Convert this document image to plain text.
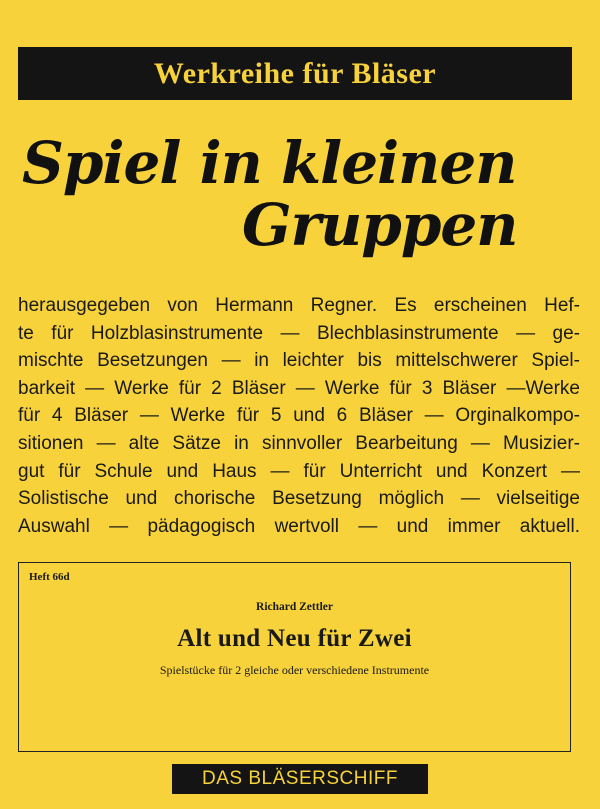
Werkreihe für Bläser
Spiel in kleinen
Gruppen
herausgegeben von Hermann Regner. Es erscheinen Hef-
te für Holzblasinstrumente — Blechblasinstrumente — ge-
mischte Besetzungen — in leichter bis mittelschwerer Spiel-
barkeit — Werke für 2 Bläser — Werke für 3 Bläser —Werke
für 4 Bläser — Werke für 5 und 6 Bläser — Orginalkompo-
sitionen — alte Sätze in sinnvoller Bearbeitung — Musizier-
gut für Schule und Haus — für Unterricht und Konzert —
Solistische und chorische Besetzung möglich — vielseitige
Auswahl — pädagogisch wertvoll — und immer aktuell.
Heft 66d
Richard Zettler
Alt und Neu für Zwei
Spielstücke für 2 gleiche oder verschiedene Instrumente
DAS BLÄSERSCHIFF
